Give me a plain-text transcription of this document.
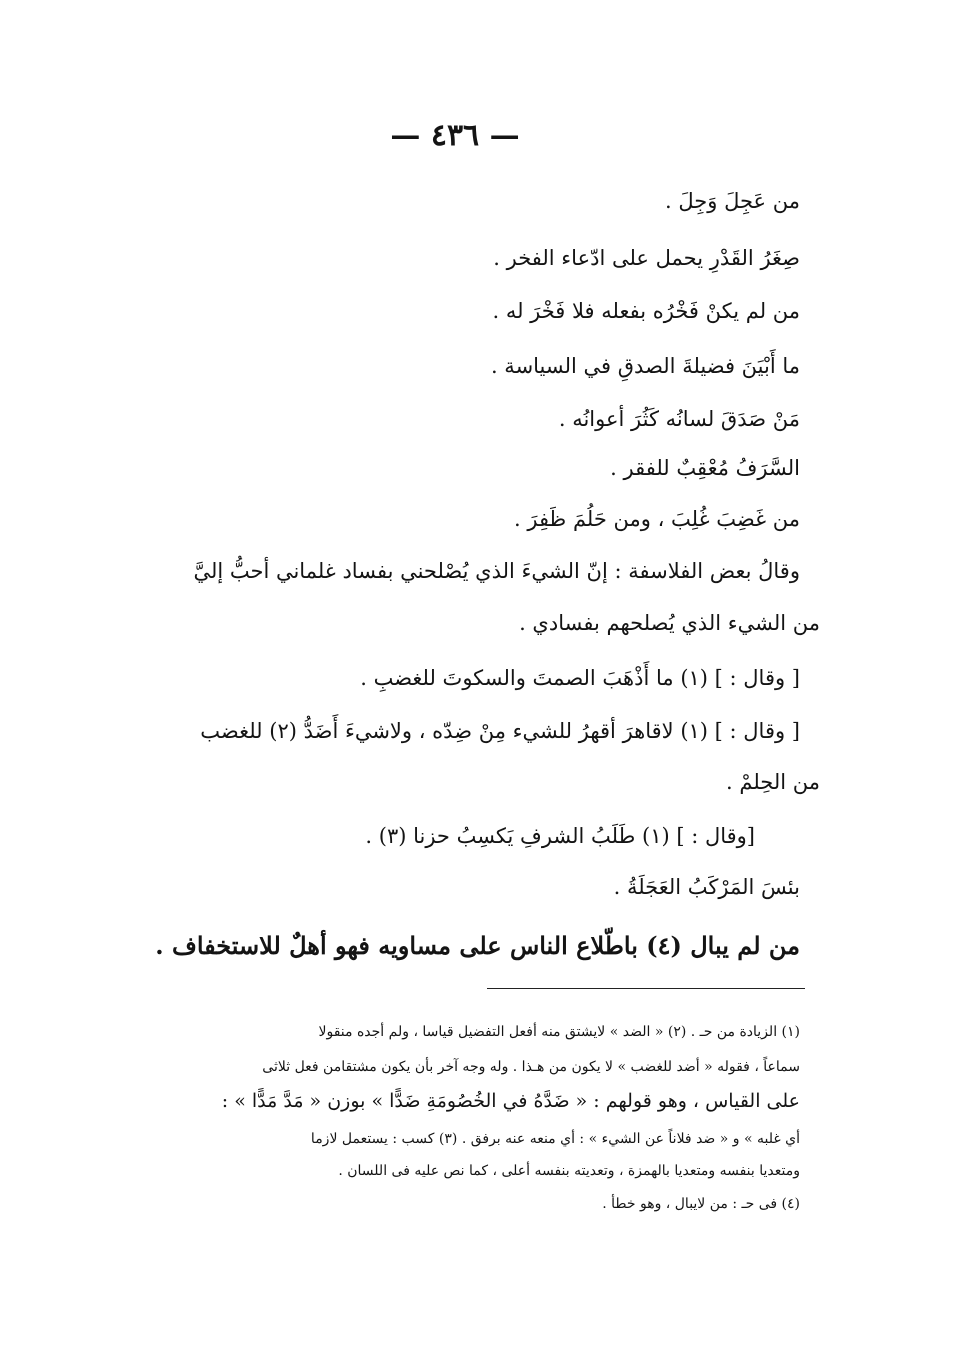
— ٤٣٦ —
من عَجِلَ وَجِلَ .
صِغَرُ القَدْرِ يحمل على ادّعاء الفخر .
من لم يكنْ فَخْرُه بفعله فلا فَخْرَ له .
ما أَبْيَنَ فضيلةَ الصدقِ في السياسة .
مَنْ صَدَقَ لسانُه كَثُرَ أعوانُه .
السَّرَفُ مُعْقِبٌ للفقر .
من غَضِبَ غُلِبَ ، ومن حَلُمَ ظَفِرَ .
وقالُ بعض الفلاسفة : إنّ الشيءَ الذي يُصْلحني بفساد غلماني أحبُّ إليَّ
من الشيء الذي يُصلحهم بفسادي .
[ وقال : ] (١) ما أَذْهَبَ الصمتَ والسكوتَ للغضبِ .
[ وقال : ] (١) لاقاهرَ أقهرُ للشيء مِنْ ضِدّه ، ولاشيءَ أَضَدُّ (٢) للغضب
من الحِلمْ .
[وقال : ] (١) طَلَبُ الشرفِ يَكسِبُ حزنا (٣) .
بئسَ المَرْكَبُ العَجَلَةُ .
من لم يبال (٤) باطّلاع الناس على مساويه فهو أهلٌ للاستخفاف .
(١) الزيادة من حـ . (٢) « الضد » لايشتق منه أفعل التفضيل قياسا ، ولم أجده منقولا
سماعاً ، فقوله « أضد للغضب » لا يكون من هـذا . وله وجه آخر بأن يكون مشتقامن فعل ثلاثى
على القياس ، وهو قولهم : « ضَدَّهُ في الخُصُومَةِ ضَدًّا » بوزن « مَدَّ مَدًّا » :
أي غلبه » و « ضد فلاناً عن الشيء » : أي منعه عنه برفق . (٣) كسب : يستعمل لازما
ومتعديا بنفسه ومتعديا بالهمزة ، وتعديته بنفسه أعلى ، كما نص عليه فى اللسان .
(٤) فى حـ : من لايبال ، وهو خطأ .
